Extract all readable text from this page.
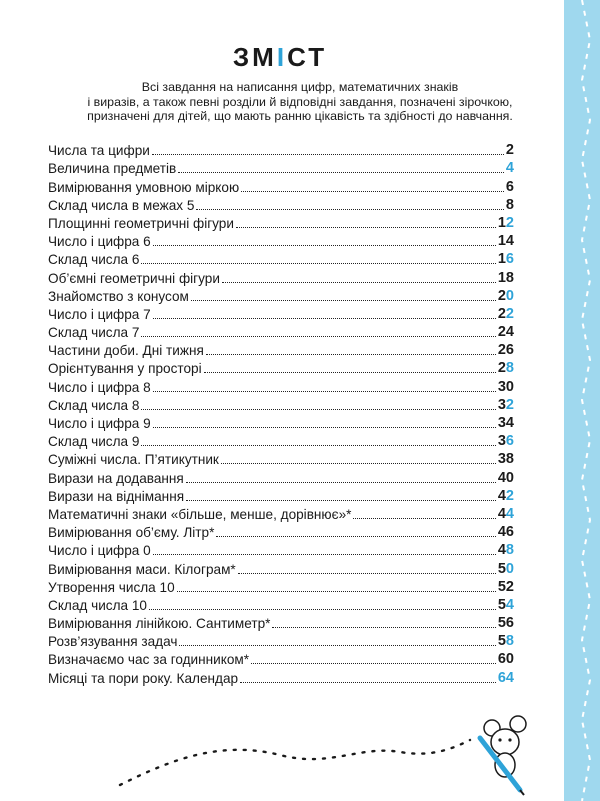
ЗМІСТ
Всі завдання на написання цифр, математичних знаків
і виразів, а також певні розділи й відповідні завдання, позначені зірочкою,
призначені для дітей, що мають ранню цікавість та здібності до навчання.
Числа та цифри	2
Величина предметів	4
Вимірювання умовною міркою	6
Склад числа в межах 5	8
Площинні геометричні фігури	12
Число і цифра 6	14
Склад числа 6	16
Об’ємні геометричні фігури	18
Знайомство з конусом	20
Число і цифра 7	22
Склад числа 7	24
Частини доби. Дні тижня	26
Орієнтування у просторі	28
Число і цифра 8	30
Склад числа 8	32
Число і цифра 9	34
Склад числа 9	36
Суміжні числа. П’ятикутник	38
Вирази на додавання	40
Вирази на віднімання	42
Математичні знаки «більше, менше, дорівнює»*	44
Вимірювання об’єму. Літр*	46
Число і цифра 0	48
Вимірювання маси. Кілограм*	50
Утворення числа 10	52
Склад числа 10	54
Вимірювання лінійкою. Сантиметр*	56
Розв’язування задач	58
Визначаємо час за годинником*	60
Місяці та пори року. Календар	64
